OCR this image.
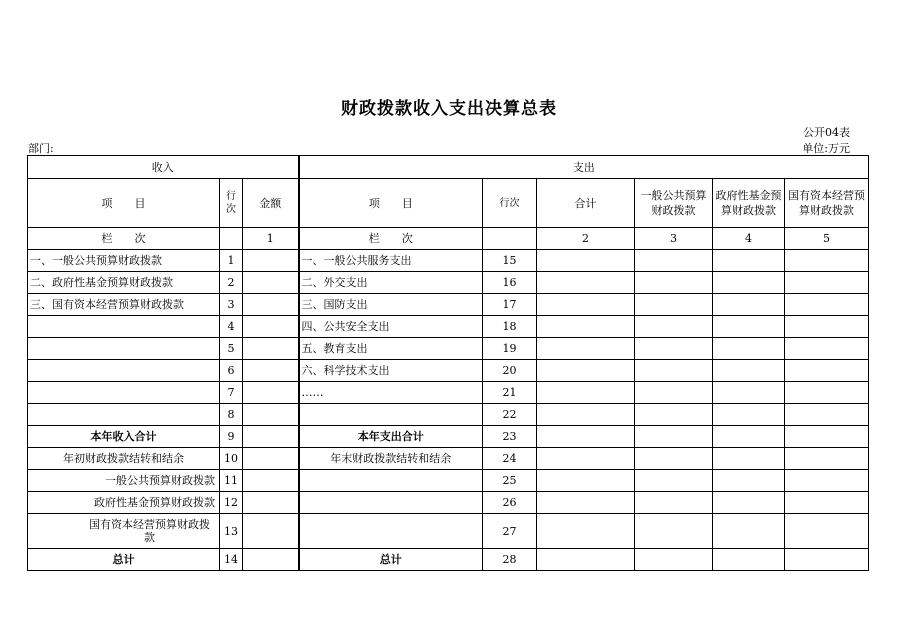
财政拨款收入支出决算总表
公开04表
部门:	单位:万元
收入			支出					
项　　目	行次	金额	项　　目	行次	合计	一般公共预算财政拨款	政府性基金预算财政拨款	国有资本经营预算财政拨款
栏　　次		1	栏　　次		2	3	4	5
一、一般公共预算财政拨款	1		一、一般公共服务支出	15				
二、政府性基金预算财政拨款	2		二、外交支出	16				
三、国有资本经营预算财政拨款	3		三、国防支出	17				
	4		四、公共安全支出	18				
	5		五、教育支出	19				
	6		六、科学技术支出	20				
	7		……	21				
	8			22				
本年收入合计	9		本年支出合计	23				
年初财政拨款结转和结余	10		年末财政拨款结转和结余	24				
一般公共预算财政拨款	11			25				
政府性基金预算财政拨款	12			26				
国有资本经营预算财政拨款	13			27				
总计	14		总计	28				
